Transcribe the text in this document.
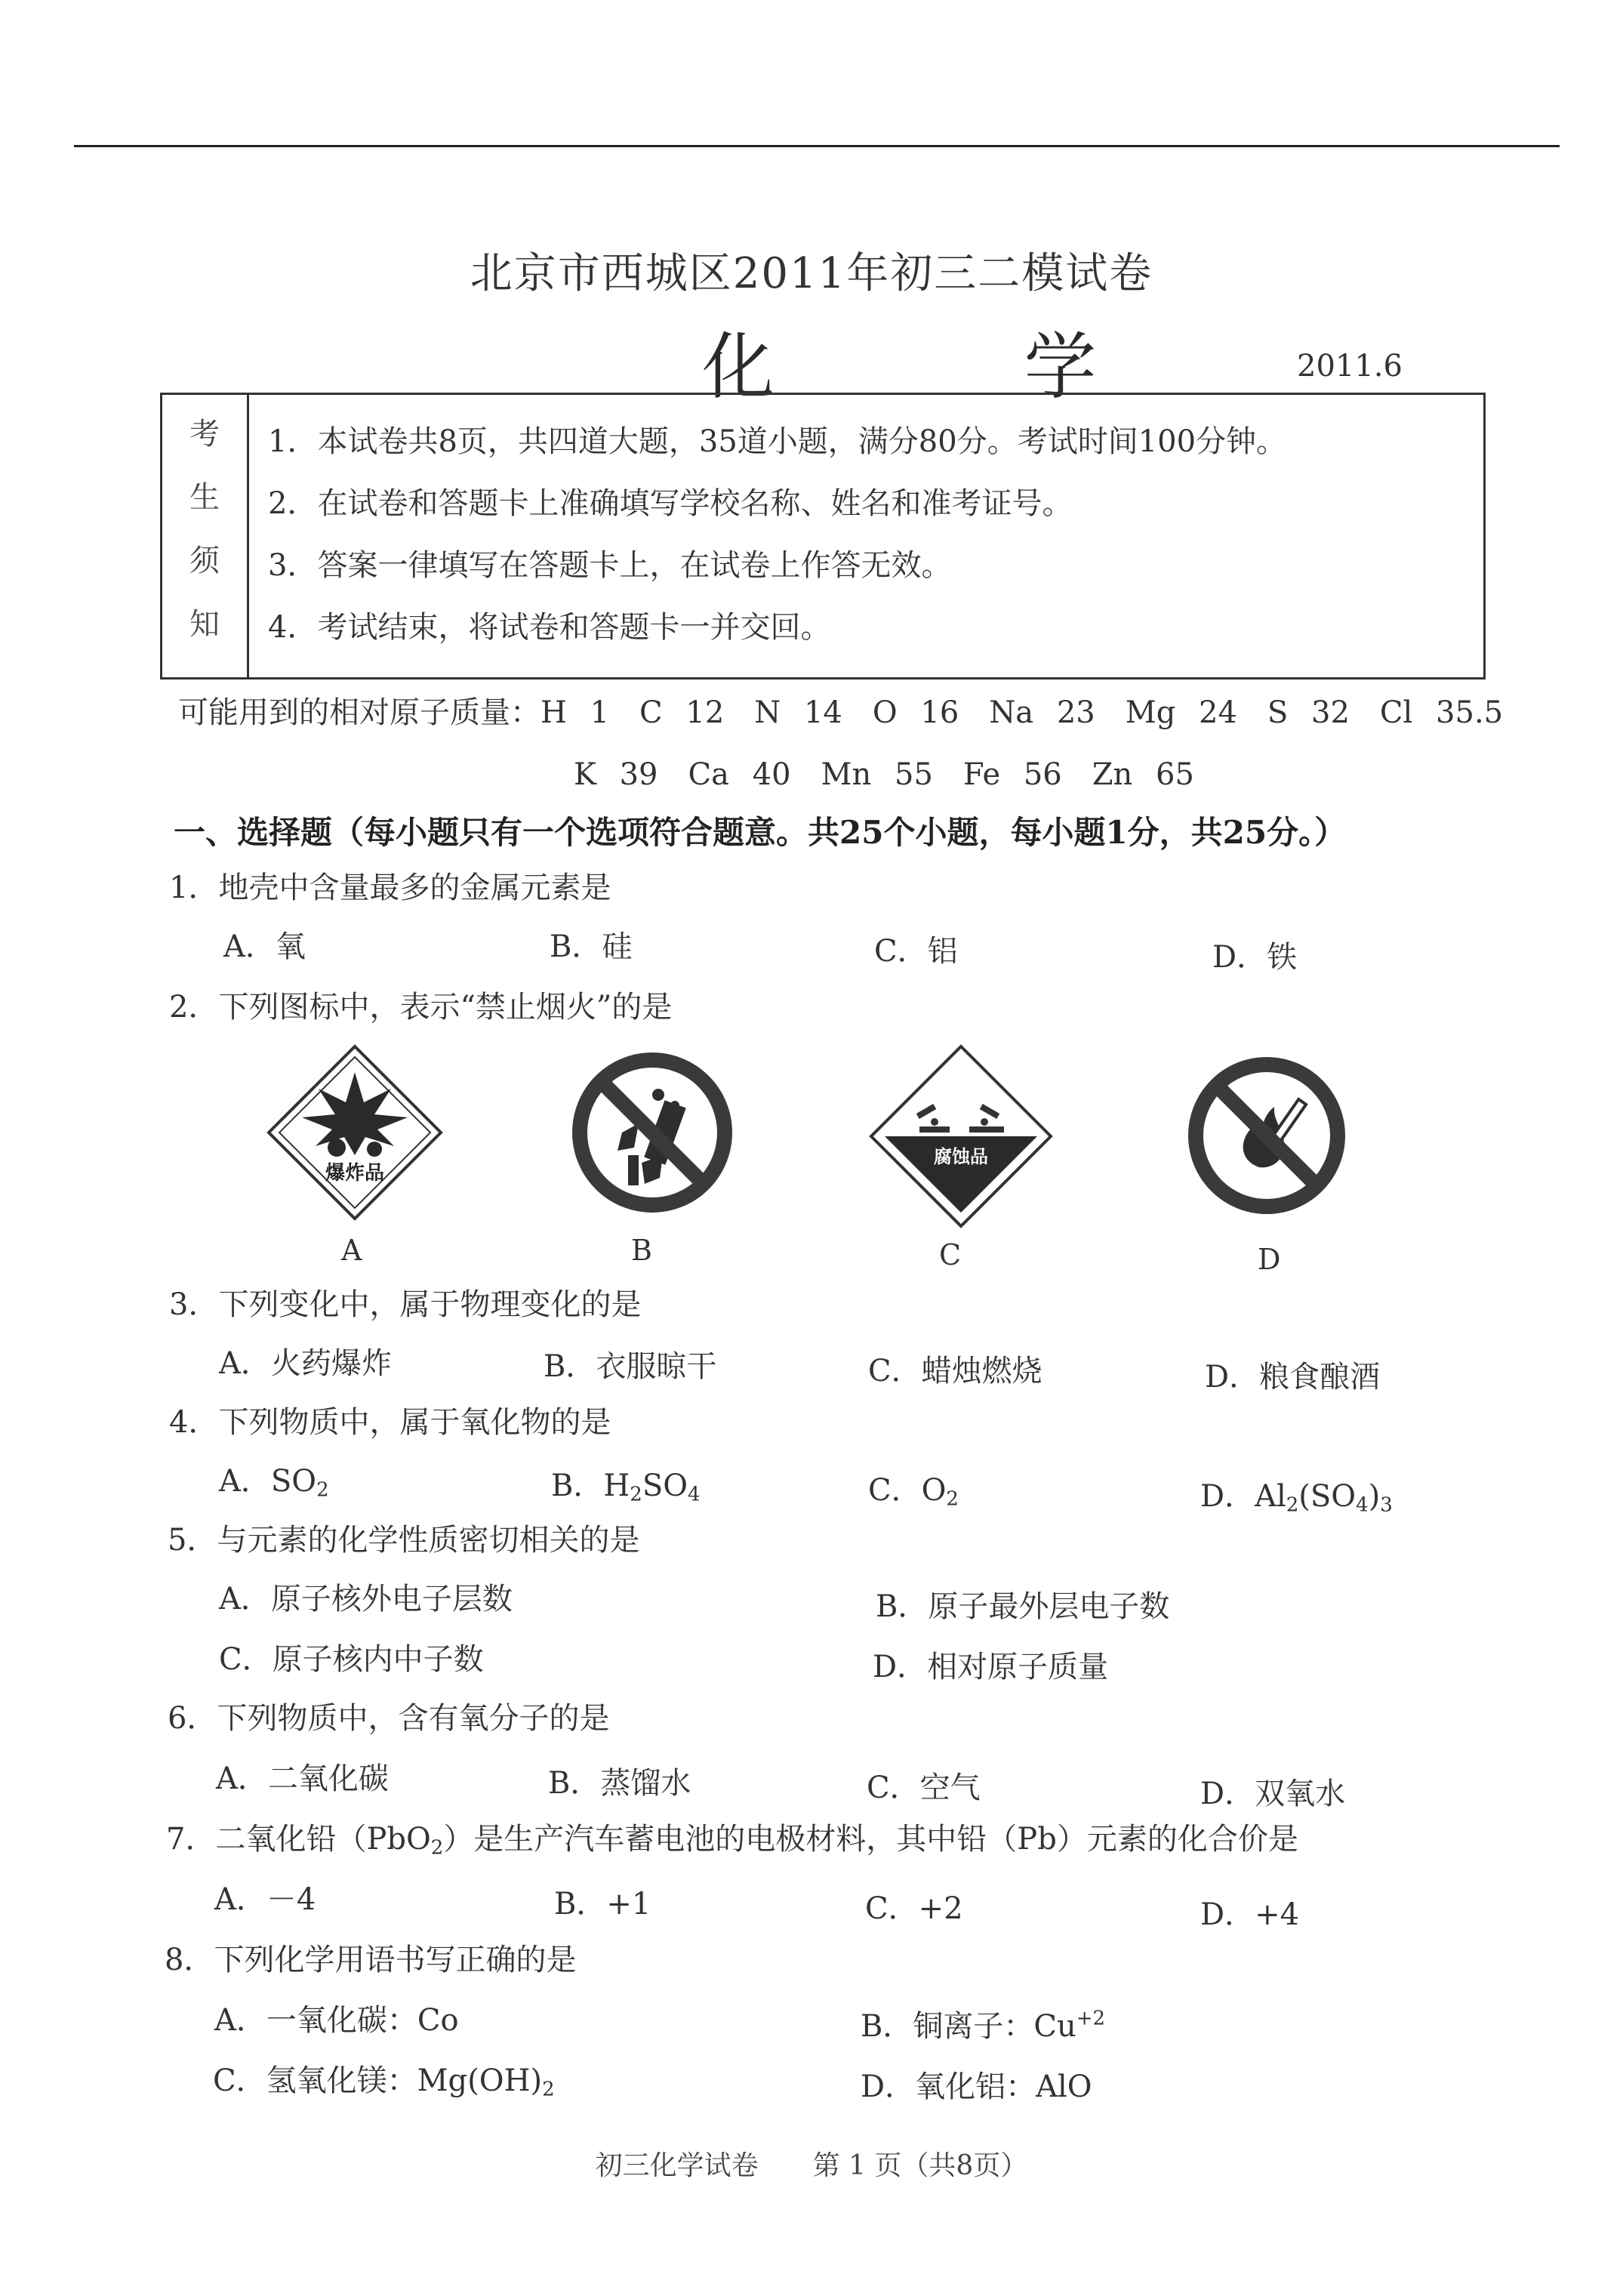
北京市西城区2011年初三二模试卷
化 学	2011.6
考
生
须
知
1．本试卷共8页，共四道大题，35道小题，满分80分。考试时间100分钟。
2．在试卷和答题卡上准确填写学校名称、姓名和准考证号。
3．答案一律填写在答题卡上，在试卷上作答无效。
4．考试结束，将试卷和答题卡一并交回。
可能用到的相对原子质量：H 1　C 12　N 14　O 16　Na 23　Mg 24　S 32　Cl 35.5
K 39　Ca 40　Mn 55　Fe 56　Zn 65
一、选择题（每小题只有一个选项符合题意。共25个小题，每小题1分，共25分。）
1．地壳中含量最多的金属元素是
A．氧	B．硅	C．铝	D．铁
2．下列图标中，表示“禁止烟火”的是
爆炸品
腐蚀品
A	B	C	D
3．下列变化中，属于物理变化的是
A．火药爆炸	B．衣服晾干	C．蜡烛燃烧	D．粮食酿酒
4．下列物质中，属于氧化物的是
A．$SO_2$	B．$H_2SO_4$	C．$O_2$	D．$Al_2(SO_4)_3$
5．与元素的化学性质密切相关的是
A．原子核外电子层数	B．原子最外层电子数
C．原子核内中子数	D．相对原子质量
6．下列物质中，含有氧分子的是
A．二氧化碳	B．蒸馏水	C．空气	D．双氧水
7．二氧化铅（PbO$_2$）是生产汽车蓄电池的电极材料，其中铅（Pb）元素的化合价是
A．－4	B．+1	C．+2	D．+4
8．下列化学用语书写正确的是
A．一氧化碳：Co	B．铜离子：$Cu^{+2}$
C．氢氧化镁：$Mg(OH)_2$	D．氧化铝：AlO
初三化学试卷　　第 1 页（共8页）
